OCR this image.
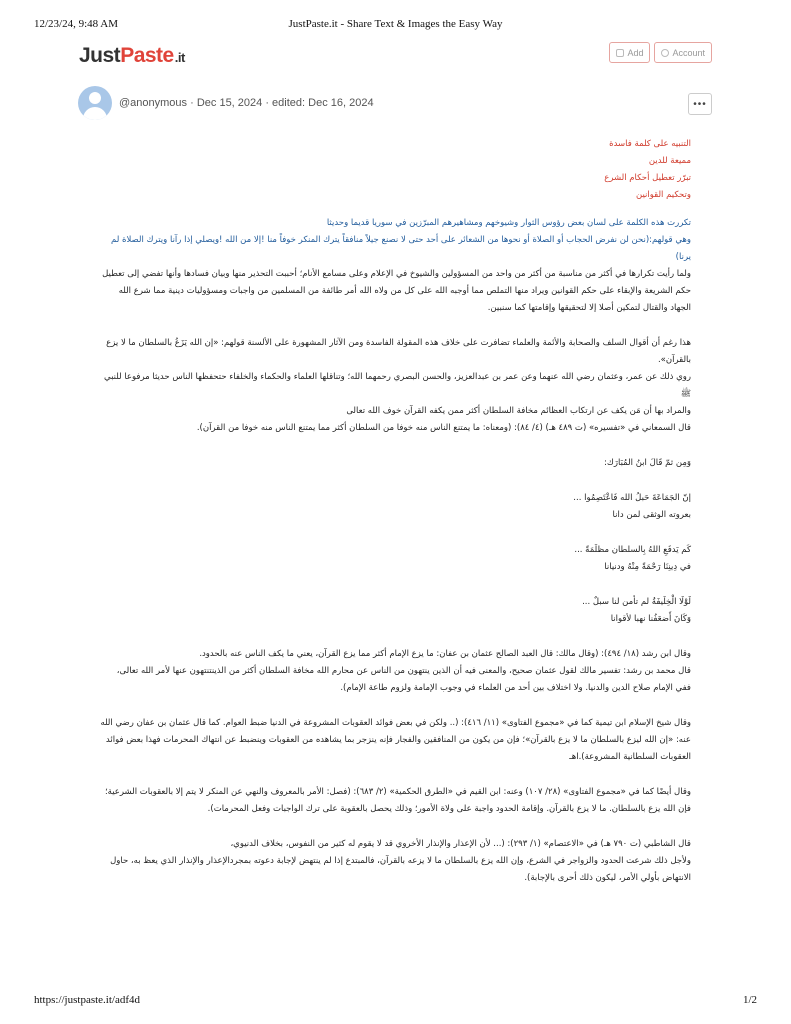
12/23/24, 9:48 AM	JustPaste.it - Share Text & Images the Easy Way
JustPaste.it	Add	Account
@anonymous · Dec 15, 2024 · edited: Dec 16, 2024	•••

التنبيه على كلمة فاسدة

مميعة للدين

تبرّر تعطيل أحكام الشرع

وتحكيم القوانين

تكررت هذه الكلمة على لسان بعض رؤوس الثوار وشيوخهم ومشاهيرهم المبرّزين في سوريا قديما وحديثا

وهي قولهم:(نحن لن نفرض الحجاب أو الصلاة أو نحوها من الشعائر على أحد حتى لا نصنع جيلاً منافقاً يترك المنكر خوفاً منا !إلا من الله !ويصلي إذا رآنا ويترك الصلاة لم يرنا)

ولما رأيت تكرارها في أكثر من مناسبة من أكثر من واحد من المسؤولين والشيوخ في الإعلام وعلى مسامع الأنام؛ أحببت التحذير منها وبيان فسادها وأنها تفضي إلى تعطيل حكم الشريعة والإبقاء على حكم القوانين ويراد منها التملص مما أوجبه الله على كل من ولاه الله أمر طائفة من المسلمين من واجبات ومسؤوليات دينية مما شرع الله الجهاد والقتال لتمكين أصلا إلا لتحقيقها وإقامتها كما سنبين.

هذا رغم أن أقوال السلف والصحابة والأئمة والعلماء تضافرت على خلاف هذه المقولة الفاسدة ومن الآثار المشهورة على الألسنة قولهم: «إن الله يَزَعُ بالسلطان ما لا يزع بالقرآن».

روي ذلك عن عمر، وعثمان رضي الله عنهما وعن عمر بن عبدالعزيز، والحسن البصري رحمهما الله؛ وتناقلها العلماء والحكماء والخلفاء حتحفظها الناس حديثا مرفوعا للنبي ﷺ

والمراد بها أن مَن يكف عن ارتكاب العظائم مخافة السلطان أكثر ممن يكفه القرآن خوف الله تعالى

قال السمعاني في «تفسيره» (ت ٤٨٩ هـ) (٤/ ٨٤): (ومعناه: ما يمتنع الناس منه خوفا من السلطان أكثر مما يمتنع الناس منه خوفا من القرآن).

وَمِن ثمّ قَالَ ابنُ المُبَارَك:

إنّ الجَمَاعَةَ حَبلُ الله فَاعْتَصِمُوا ...

بعروته الوثقى لمن دانا

كَم يَدفَعِ اللهُ بِالسلطان مظلَمَةً ...

في دِينِنَا رَحْمَةً مِنْهُ ودنيانا

لَوْلَا الْخِلَيفَةُ لم تأمن لنا سبلٌ ...

وَكَانَ أَضعَفُنا نهبا لأقوانا

وقال ابن رشد (١٨/ ٤٩٤): (وقال مالك: قال العبد الصالح عثمان بن عفان: ما يزع الإمام أكثر مما يزع القرآن، يعني ما يكف الناس عنه بالحدود.

قال محمد بن رشد: تفسير مالك لقول عثمان صحيح، والمعنى فيه أن الذين ينتهون من الناس عن محارم الله مخافة السلطان أكثر من الذينتنتهون عنها لأمر الله تعالى، ففي الإمام صلاح الدين والدنيا. ولا اختلاف بين أحد من العلماء في وجوب الإمامة ولزوم طاعة الإمام).

وقال شيخ الإسلام ابن تيمية كما في «مجموع الفتاوى» (١١/ ٤١٦): (.. ولكن في بعض فوائد العقوبات المشروعة في الدنيا ضبط العوام. كما قال عثمان بن عفان رضي الله عنه: «إن الله ليزع بالسلطان ما لا يزع بالقرآن»؛ فإن من يكون من المنافقين والفجار فإنه ينزجر بما يشاهده من العقوبات وينضبط عن انتهاك المحرمات فهذا بعض فوائد العقوبات السلطانية المشروعة).اهـ

وقال أيضًا كما في «مجموع الفتاوى» (٢٨/ ١٠٧) وعنه: ابن القيم في «الطرق الحكمية» (٢/ ٦٨٣): (فصل: الأمر بالمعروف والنهي عن المنكر لا يتم إلا بالعقوبات الشرعية؛ فإن الله يزع بالسلطان. ما لا يزع بالقرآن. وإقامة الحدود واجبة على ولاة الأمور؛ وذلك يحصل بالعقوبة على ترك الواجبات وفعل المحرمات).

قال الشاطبي (ت ٧٩٠ هـ) في «الاعتصام» (١/ ٢٩٣): (... لأن الإعذار والإنذار الأخروي قد لا يقوم له كثير من النفوس، بخلاف الدنيوي،

ولأجل ذلك شرعت الحدود والزواجر في الشرع، وإن الله يزع بالسلطان ما لا يزعه بالقرآن، فالمبتدع إذا لم ينتهض لإجابة دعوته بمجردالإعذار والإنذار الذي يعظ به، حاول الانتهاض بأولي الأمر، ليكون ذلك أحرى بالإجابة).

https://justpaste.it/adf4d	1/2
